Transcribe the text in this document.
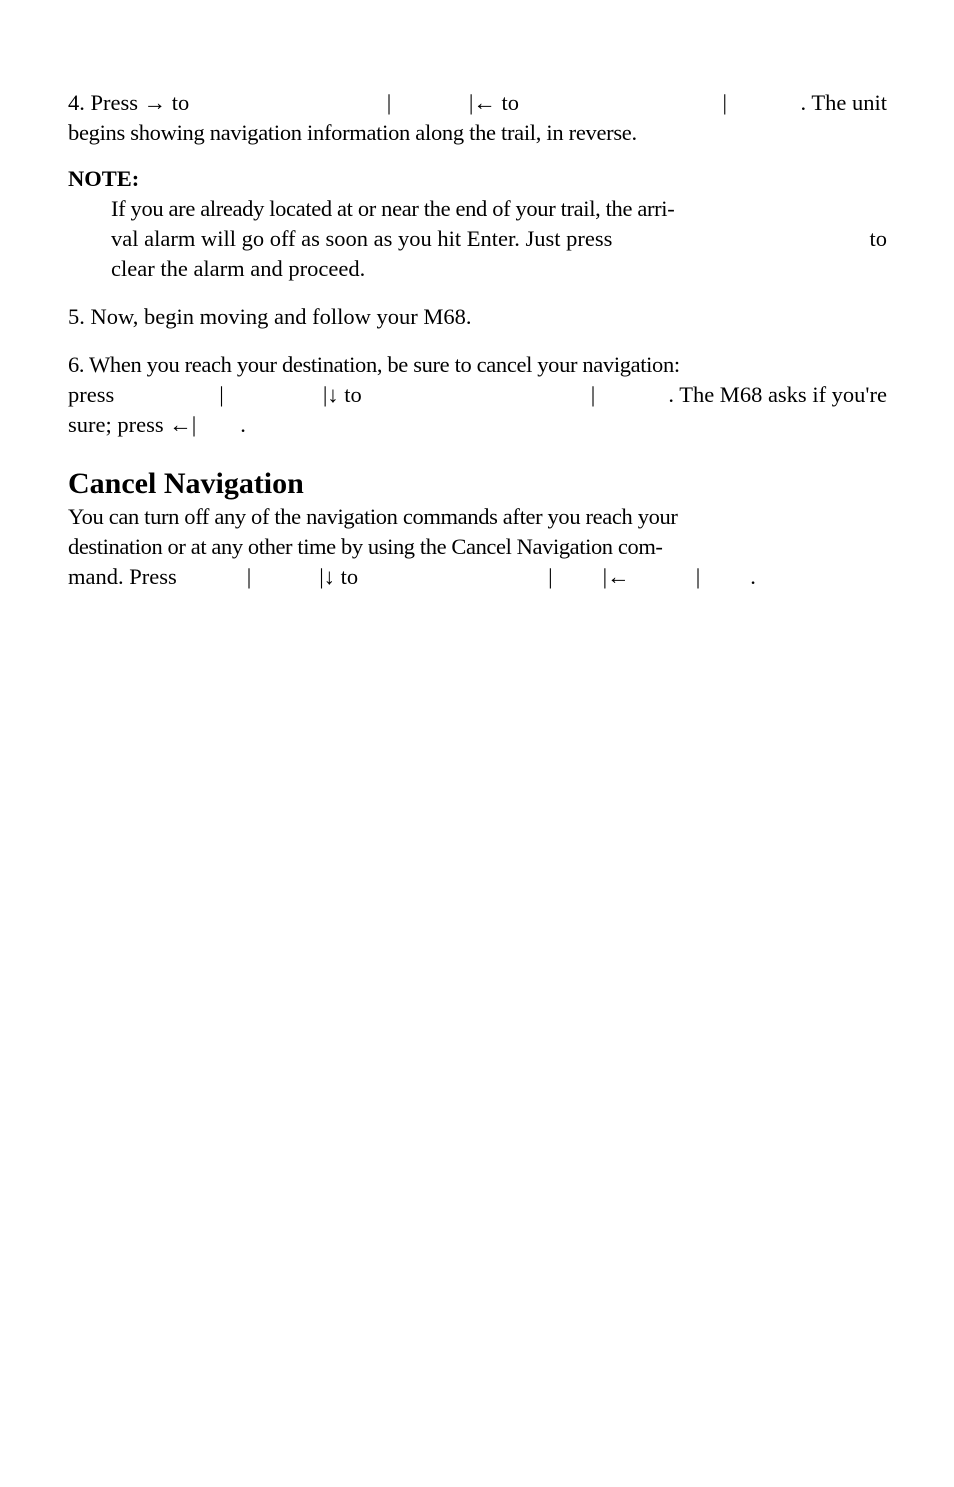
4. Press → to	|	|← to	|	. The unit

begins showing navigation information along the trail, in reverse.

NOTE:
If you are already located at or near the end of your trail, the arri-
val alarm will go off as soon as you hit Enter. Just press	to
clear the alarm and proceed.

5. Now, begin moving and follow your M68.

6. When you reach your destination, be sure to cancel your navigation:
press	|	|↓ to	|	. The M68 asks if you're
sure; press ←| .
Cancel Navigation
You can turn off any of the navigation commands after you reach your
destination or at any other time by using the Cancel Navigation com-
mand. Press	|	|↓ to	| |←	| .
